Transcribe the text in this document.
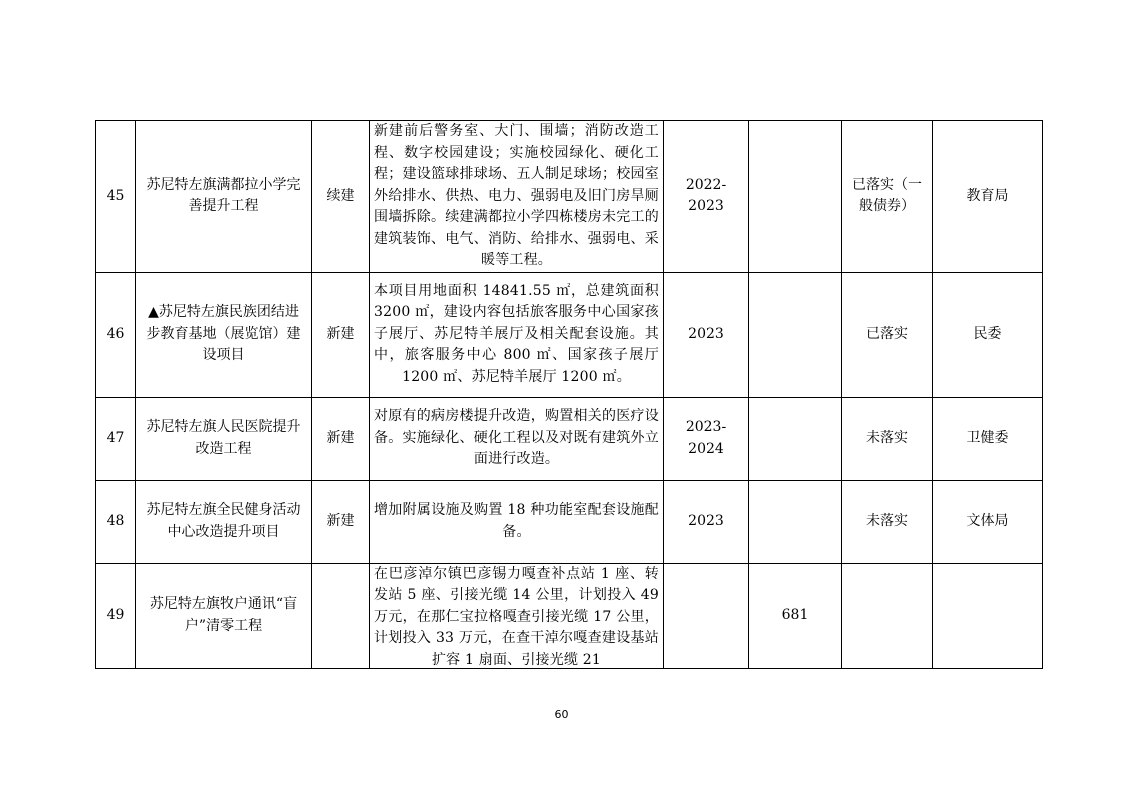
45	苏尼特左旗满都拉小学完善提升工程	续建	新建前后警务室、大门、围墙；消防改造工程、数字校园建设；实施校园绿化、硬化工程；建设篮球排球场、五人制足球场；校园室外给排水、供热、电力、强弱电及旧门房旱厕围墙拆除。续建满都拉小学四栋楼房未完工的建筑装饰、电气、消防、给排水、强弱电、采暖等工程。	2022-2023		已落实（一般债券）	教育局
46	▲苏尼特左旗民族团结进步教育基地（展览馆）建设项目	新建	本项目用地面积 14841.55 ㎡，总建筑面积 3200 ㎡，建设内容包括旅客服务中心国家孩子展厅、苏尼特羊展厅及相关配套设施。其中，旅客服务中心 800 ㎡、国家孩子展厅 1200 ㎡、苏尼特羊展厅 1200 ㎡。	2023		已落实	民委
47	苏尼特左旗人民医院提升改造工程	新建	对原有的病房楼提升改造，购置相关的医疗设备。实施绿化、硬化工程以及对既有建筑外立面进行改造。	2023-2024		未落实	卫健委
48	苏尼特左旗全民健身活动中心改造提升项目	新建	增加附属设施及购置 18 种功能室配套设施配备。	2023		未落实	文体局
49	苏尼特左旗牧户通讯“盲户”清零工程		在巴彦淖尔镇巴彦锡力嘎查补点站 1 座、转发站 5 座、引接光缆 14 公里，计划投入 49 万元，在那仁宝拉格嘎查引接光缆 17 公里，计划投入 33 万元，在查干淖尔嘎查建设基站扩容 1 扇面、引接光缆 21		681		
60
